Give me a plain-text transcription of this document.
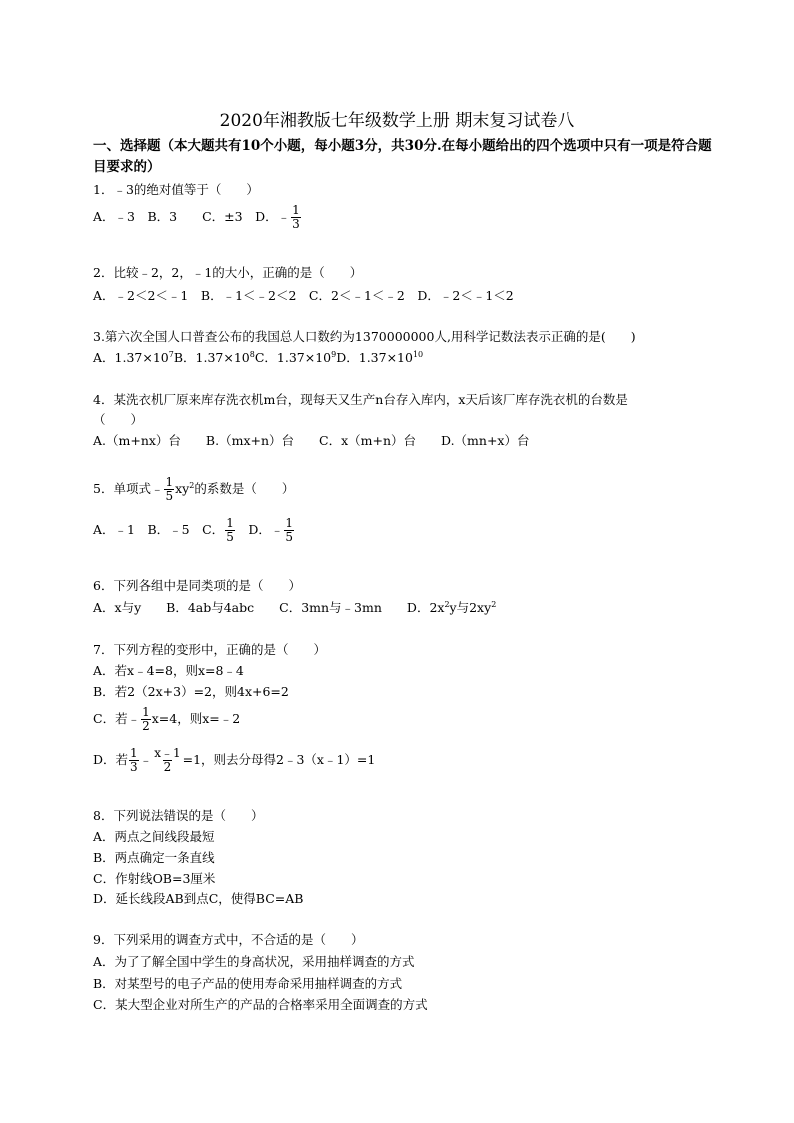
2020年湘教版七年级数学上册 期末复习试卷八
一、选择题（本大题共有10个小题，每小题3分，共30分.在每小题给出的四个选项中只有一项是符合题目要求的）
1．﹣3的绝对值等于（　　）
A．﹣3　B．3　　C．±3　D．﹣ $\frac{1}{3}$
2．比较﹣2，2，﹣1的大小，正确的是（　　）
A．﹣2＜2＜﹣1　B．﹣1＜﹣2＜2　C．2＜﹣1＜﹣2　D．﹣2＜﹣1＜2
3.第六次全国人口普查公布的我国总人口数约为1370000000人,用科学记数法表示正确的是(　　)
A．$1.37\times 10^7B$．$1.37\times 10^8C$．$1.37\times 10^9D$．$1.37\times 10^{10}$
4．某洗衣机厂原来库存洗衣机m台，现每天又生产n台存入库内，x天后该厂库存洗衣机的台数是
（　　）
A.（m+nx）台　　B.（mx+n）台　　C．x（m+n）台　　D.（mn+x）台
5．单项式﹣ $\frac{1}{5} xy^2$的系数是（　　）
A．﹣1　B．﹣5　C． $\frac{1}{5}$ 　D．﹣ $\frac{1}{5}$
6．下列各组中是同类项的是（　　）
A．x与y　　B．4ab与4abc　　C．3mn与﹣3mn　　D．$2x^2y$与$2xy^2$
7．下列方程的变形中，正确的是（　　）
A．若x﹣4=8，则x=8﹣4
B．若2（2x+3）=2，则4x+6=2
C．若﹣ $\frac{1}{2} x=4$，则x=﹣2
D．若 $\frac{1}{3}$ ﹣ $\frac{x﹣1}{2} =1$，则去分母得2﹣3（x﹣1）=1
8．下列说法错误的是（　　）
A．两点之间线段最短
B．两点确定一条直线
C．作射线OB=3厘米
D．延长线段AB到点C，使得BC=AB
9．下列采用的调查方式中，不合适的是（　　）
A．为了了解全国中学生的身高状况，采用抽样调查的方式
B．对某型号的电子产品的使用寿命采用抽样调查的方式
C．某大型企业对所生产的产品的合格率采用全面调查的方式
